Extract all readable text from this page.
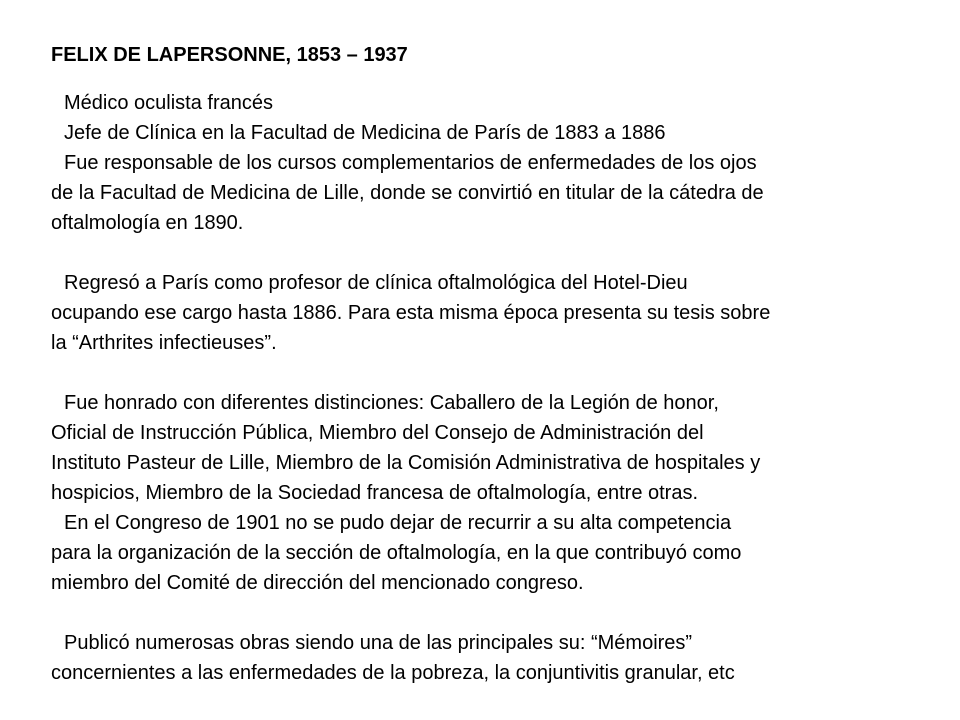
FELIX DE LAPERSONNE, 1853 – 1937
Médico oculista francés
Jefe de Clínica en la Facultad de Medicina de París de 1883 a 1886
Fue responsable de los cursos complementarios de enfermedades de los ojos
de la Facultad de Medicina de Lille, donde se convirtió en titular de la cátedra de
oftalmología en 1890.
Regresó a París como profesor de clínica oftalmológica del Hotel-Dieu
ocupando ese cargo hasta 1886. Para esta misma época presenta su tesis sobre
la “Arthrites infectieuses”.
Fue honrado con diferentes distinciones: Caballero de la Legión de honor,
Oficial de Instrucción Pública, Miembro del Consejo de Administración del
Instituto Pasteur de Lille, Miembro de la Comisión Administrativa de hospitales y
hospicios, Miembro de la Sociedad francesa de oftalmología, entre otras.
En el Congreso de 1901 no se pudo dejar de recurrir a su alta competencia
para la organización de la sección de oftalmología, en la que contribuyó como
miembro del Comité de dirección del mencionado congreso.
Publicó numerosas obras siendo una de las principales su: “Mémoires”
concernientes a las enfermedades de la pobreza, la conjuntivitis granular, etc
